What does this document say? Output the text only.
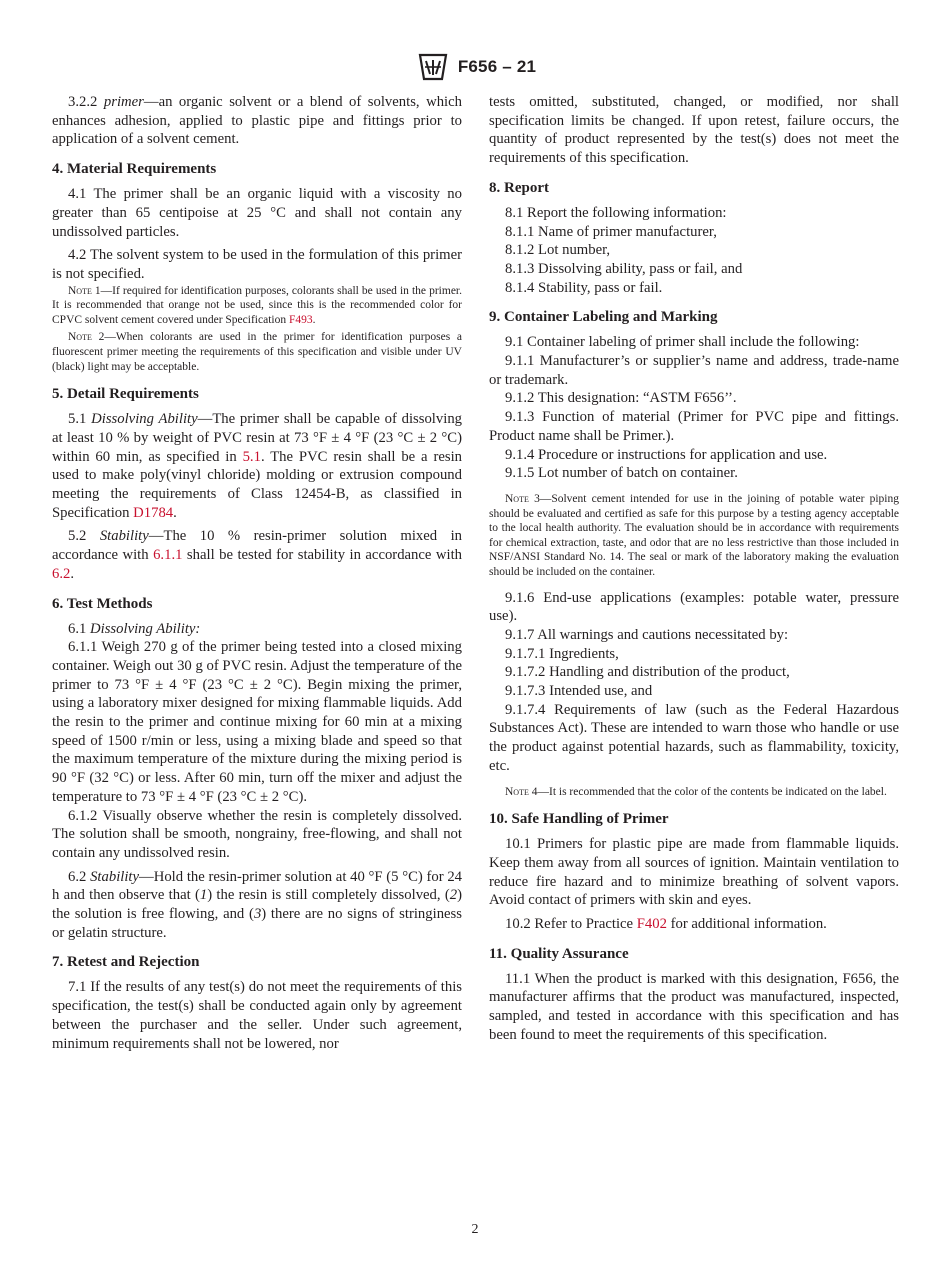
F656 – 21

3.2.2 primer—an organic solvent or a blend of solvents, which enhances adhesion, applied to plastic pipe and fittings prior to application of a solvent cement.

4. Material Requirements

4.1 The primer shall be an organic liquid with a viscosity no greater than 65 centipoise at 25 °C and shall not contain any undissolved particles.

4.2 The solvent system to be used in the formulation of this primer is not specified.

Note 1—If required for identification purposes, colorants shall be used in the primer. It is recommended that orange not be used, since this is the recommended color for CPVC solvent cement covered under Specification F493.

Note 2—When colorants are used in the primer for identification purposes a fluorescent primer meeting the requirements of this specification and visible under UV (black) light may be acceptable.

5. Detail Requirements

5.1 Dissolving Ability—The primer shall be capable of dissolving at least 10 % by weight of PVC resin at 73 °F ± 4 °F (23 °C ± 2 °C) within 60 min, as specified in 5.1. The PVC resin shall be a resin used to make poly(vinyl chloride) molding or extrusion compound meeting the requirements of Class 12454-B, as classified in Specification D1784.

5.2 Stability—The 10 % resin-primer solution mixed in accordance with 6.1.1 shall be tested for stability in accordance with 6.2.

6. Test Methods

6.1 Dissolving Ability:

6.1.1 Weigh 270 g of the primer being tested into a closed mixing container. Weigh out 30 g of PVC resin. Adjust the temperature of the primer to 73 °F ± 4 °F (23 °C ± 2 °C). Begin mixing the primer, using a laboratory mixer designed for mixing flammable liquids. Add the resin to the primer and continue mixing for 60 min at a mixing speed of 1500 r/min or less, using a mixing blade and speed so that the maximum temperature of the mixture during the mixing period is 90 °F (32 °C) or less. After 60 min, turn off the mixer and adjust the temperature to 73 °F ± 4 °F (23 °C ± 2 °C).

6.1.2 Visually observe whether the resin is completely dissolved. The solution shall be smooth, nongrainy, free-flowing, and shall not contain any undissolved resin.

6.2 Stability—Hold the resin-primer solution at 40 °F (5 °C) for 24 h and then observe that (1) the resin is still completely dissolved, (2) the solution is free flowing, and (3) there are no signs of stringiness or gelatin structure.

7. Retest and Rejection

7.1 If the results of any test(s) do not meet the requirements of this specification, the test(s) shall be conducted again only by agreement between the purchaser and the seller. Under such agreement, minimum requirements shall not be lowered, nor

tests omitted, substituted, changed, or modified, nor shall specification limits be changed. If upon retest, failure occurs, the quantity of product represented by the test(s) does not meet the requirements of this specification.

8. Report

8.1 Report the following information:

8.1.1 Name of primer manufacturer,

8.1.2 Lot number,

8.1.3 Dissolving ability, pass or fail, and

8.1.4 Stability, pass or fail.

9. Container Labeling and Marking

9.1 Container labeling of primer shall include the following:

9.1.1 Manufacturer’s or supplier’s name and address, trade-name or trademark.

9.1.2 This designation: “ASTM F656’’.

9.1.3 Function of material (Primer for PVC pipe and fittings. Product name shall be Primer.).

9.1.4 Procedure or instructions for application and use.

9.1.5 Lot number of batch on container.

Note 3—Solvent cement intended for use in the joining of potable water piping should be evaluated and certified as safe for this purpose by a testing agency acceptable to the local health authority. The evaluation should be in accordance with requirements for chemical extraction, taste, and odor that are no less restrictive than those included in NSF/ANSI Standard No. 14. The seal or mark of the laboratory making the evaluation should be included on the container.

9.1.6 End-use applications (examples: potable water, pressure use).

9.1.7 All warnings and cautions necessitated by:

9.1.7.1 Ingredients,

9.1.7.2 Handling and distribution of the product,

9.1.7.3 Intended use, and

9.1.7.4 Requirements of law (such as the Federal Hazardous Substances Act). These are intended to warn those who handle or use the product against potential hazards, such as flammability, toxicity, etc.

Note 4—It is recommended that the color of the contents be indicated on the label.

10. Safe Handling of Primer

10.1 Primers for plastic pipe are made from flammable liquids. Keep them away from all sources of ignition. Maintain ventilation to reduce fire hazard and to minimize breathing of solvent vapors. Avoid contact of primers with skin and eyes.

10.2 Refer to Practice F402 for additional information.

11. Quality Assurance

11.1 When the product is marked with this designation, F656, the manufacturer affirms that the product was manufactured, inspected, sampled, and tested in accordance with this specification and has been found to meet the requirements of this specification.

2
